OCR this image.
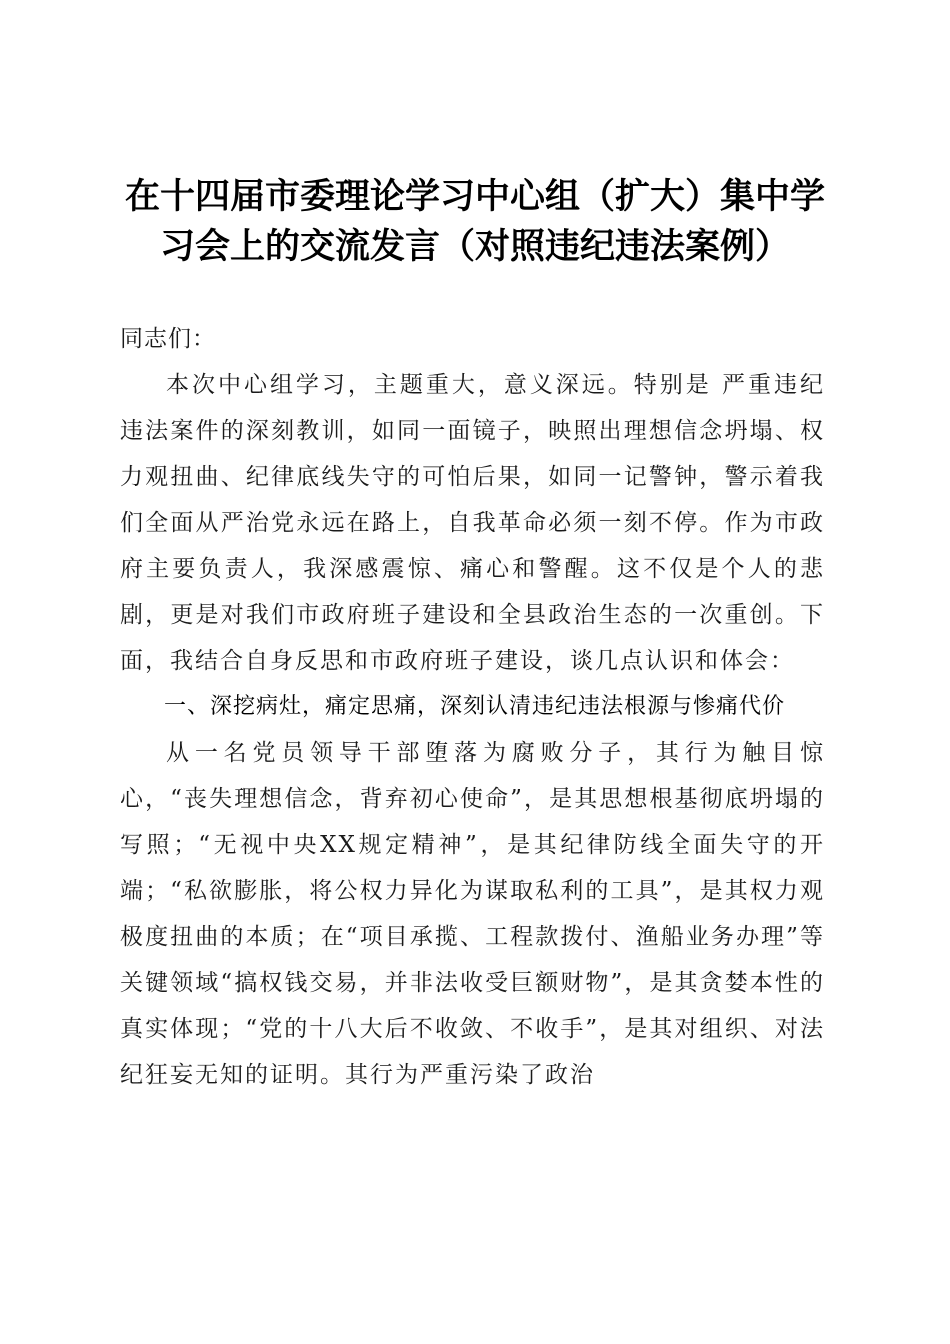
在十四届市委理论学习中心组（扩大）集中学
习会上的交流发言（对照违纪违法案例）

同志们：

本次中心组学习，主题重大，意义深远。特别是 严重违纪违法案件的深刻教训，如同一面镜子，映照出理想信念坍塌、权力观扭曲、纪律底线失守的可怕后果，如同一记警钟，警示着我们全面从严治党永远在路上，自我革命必须一刻不停。作为市政府主要负责人，我深感震惊、痛心和警醒。这不仅是个人的悲剧，更是对我们市政府班子建设和全县政治生态的一次重创。下面，我结合自身反思和市政府班子建设，谈几点认识和体会：

一、深挖病灶，痛定思痛，深刻认清违纪违法根源与惨痛代价

从一名党员领导干部堕落为腐败分子，其行为触目惊心，“丧失理想信念，背弃初心使命”，是其思想根基彻底坍塌的写照；“无视中央XX规定精神”，是其纪律防线全面失守的开端；“私欲膨胀，将公权力异化为谋取私利的工具”，是其权力观极度扭曲的本质；在“项目承揽、工程款拨付、渔船业务办理”等关键领域“搞权钱交易，并非法收受巨额财物”，是其贪婪本性的真实体现；“党的十八大后不收敛、不收手”，是其对组织、对法纪狂妄无知的证明。其行为严重污染了政治
